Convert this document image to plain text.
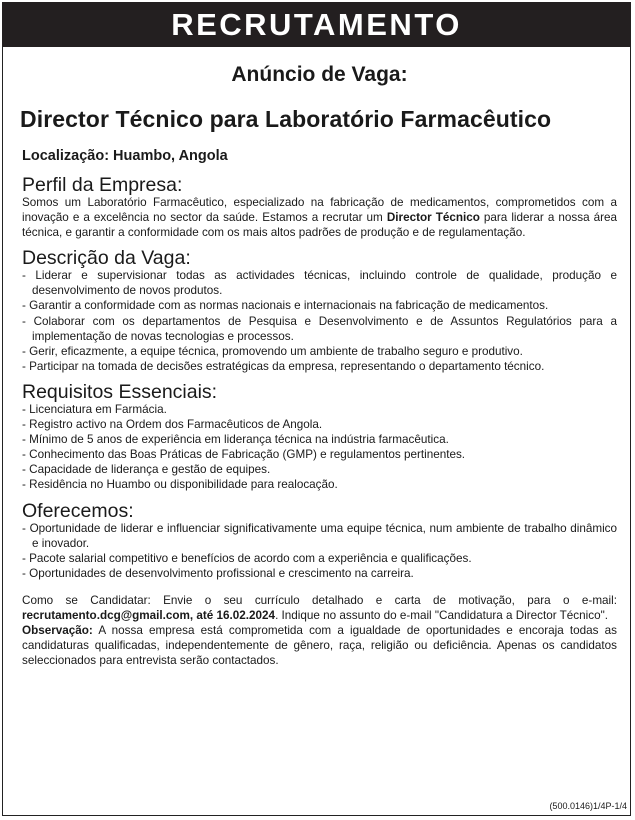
RECRUTAMENTO
Anúncio de Vaga:
Director Técnico para Laboratório Farmacêutico
Localização: Huambo, Angola
Perfil da Empresa:

Somos um Laboratório Farmacêutico, especializado na fabricação de medicamentos, comprometidos com a inovação e a excelência no sector da saúde. Estamos a recrutar um Director Técnico para liderar a nossa área técnica, e garantir a conformidade com os mais altos padrões de produção e de regulamentação.

Descrição da Vaga:
- Liderar e supervisionar todas as actividades técnicas, incluindo controle de qualidade, produção e desenvolvimento de novos produtos.
- Garantir a conformidade com as normas nacionais e internacionais na fabricação de medicamentos.
- Colaborar com os departamentos de Pesquisa e Desenvolvimento e de Assuntos Regulatórios para a implementação de novas tecnologias e processos.
- Gerir, eficazmente, a equipe técnica, promovendo um ambiente de trabalho seguro e produtivo.
- Participar na tomada de decisões estratégicas da empresa, representando o departamento técnico.
Requisitos Essenciais:
- Licenciatura em Farmácia.
- Registro activo na Ordem dos Farmacêuticos de Angola.
- Mínimo de 5 anos de experiência em liderança técnica na indústria farmacêutica.
- Conhecimento das Boas Práticas de Fabricação (GMP) e regulamentos pertinentes.
- Capacidade de liderança e gestão de equipes.
- Residência no Huambo ou disponibilidade para realocação.
Oferecemos:
- Oportunidade de liderar e influenciar significativamente uma equipe técnica, num ambiente de trabalho dinâmico e inovador.
- Pacote salarial competitivo e benefícios de acordo com a experiência e qualificações.
- Oportunidades de desenvolvimento profissional e crescimento na carreira.

Como se Candidatar: Envie o seu currículo detalhado e carta de motivação, para o e-mail: recrutamento.dcg@gmail.com, até 16.02.2024. Indique no assunto do e-mail "Candidatura a Director Técnico".

Observação: A nossa empresa está comprometida com a igualdade de oportunidades e encoraja todas as candidaturas qualificadas, independentemente de gênero, raça, religião ou deficiência. Apenas os candidatos seleccionados para entrevista serão contactados.

(500.0146)1/4P-1/4
